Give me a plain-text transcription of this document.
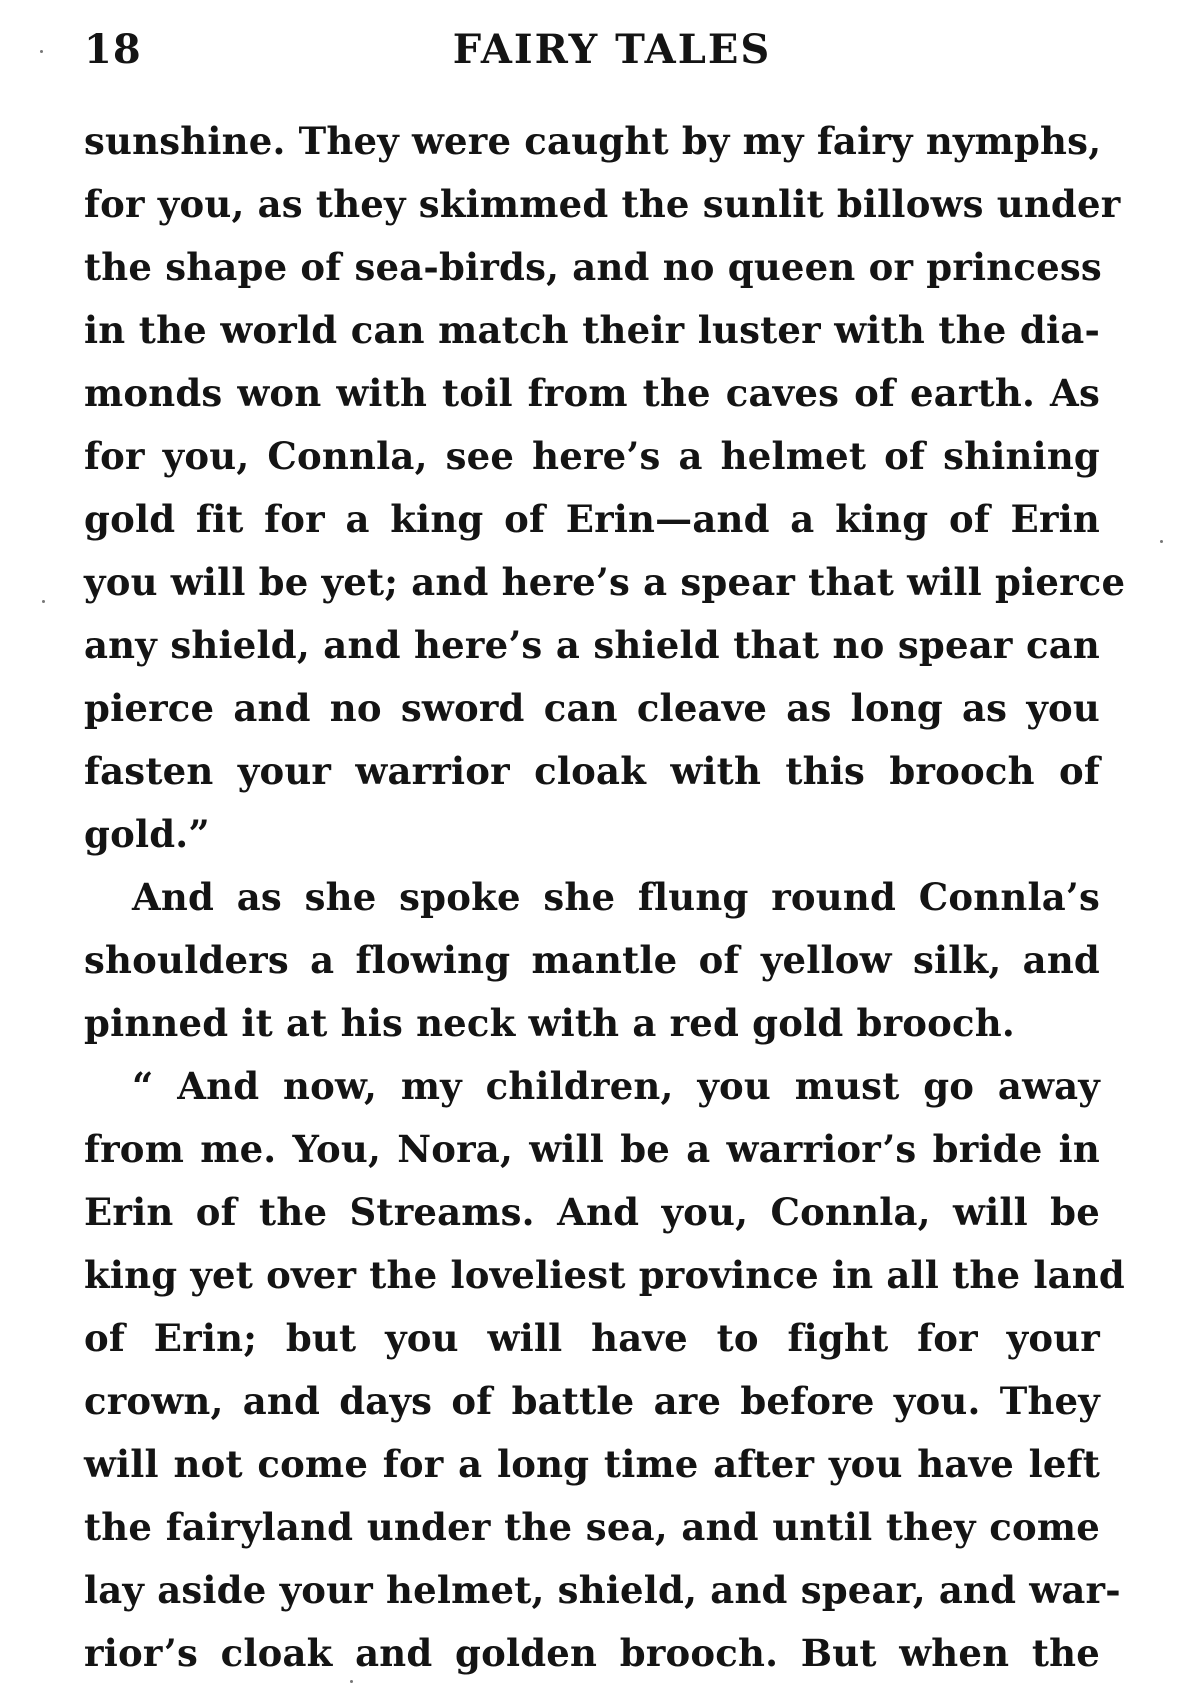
18	FAIRY TALES
sunshine. They were caught by my fairy nymphs,
for you, as they skimmed the sunlit billows under
the shape of sea-birds, and no queen or princess
in the world can match their luster with the dia-
monds won with toil from the caves of earth. As
for you, Connla, see here’s a helmet of shining
gold fit for a king of Erin—and a king of Erin
you will be yet; and here’s a spear that will pierce
any shield, and here’s a shield that no spear can
pierce and no sword can cleave as long as you
fasten your warrior cloak with this brooch of
gold.”
And as she spoke she flung round Connla’s
shoulders a flowing mantle of yellow silk, and
pinned it at his neck with a red gold brooch.
“ And now, my children, you must go away
from me. You, Nora, will be a warrior’s bride in
Erin of the Streams. And you, Connla, will be
king yet over the loveliest province in all the land
of Erin; but you will have to fight for your
crown, and days of battle are before you. They
will not come for a long time after you have left
the fairyland under the sea, and until they come
lay aside your helmet, shield, and spear, and war-
rior’s cloak and golden brooch. But when the
